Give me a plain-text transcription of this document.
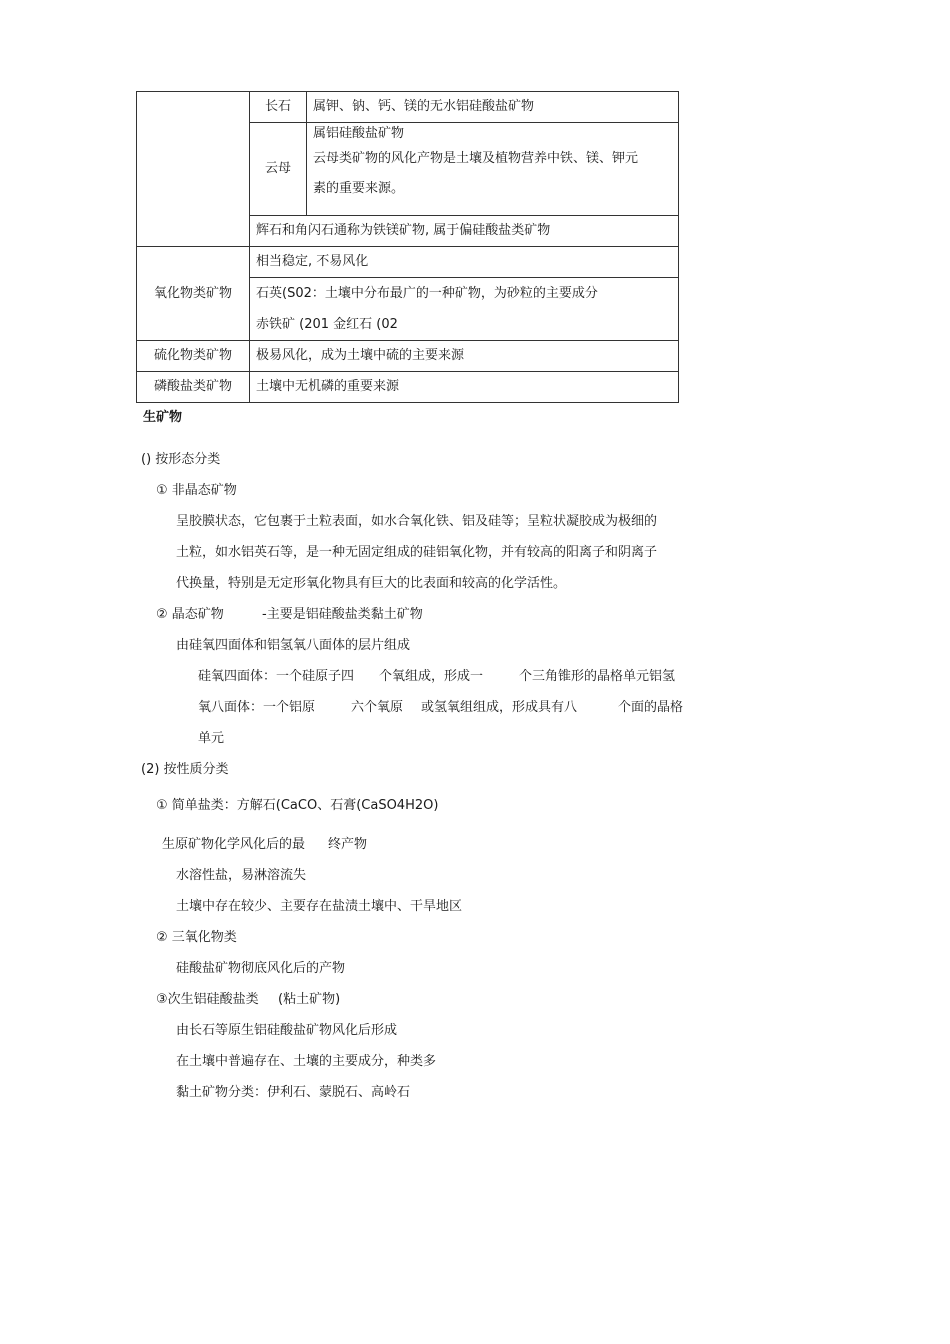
	长石	属钾、钠、钙、镁的无水铝硅酸盐矿物
	云母	属铝硅酸盐矿物
云母类矿物的风化产物是土壤及植物营养中铁、镁、钾元
素的重要来源。

	辉石和角闪石通称为铁镁矿物, 属于偏硅酸盐类矿物	
氧化物类矿物	相当稳定, 不易风化	

	石英(S02：土壤中分布最广的一种矿物，为砂粒的主要成分
赤铁矿 (201 金红石 (02	

硫化物类矿物	极易风化，成为土壤中硫的主要来源	
磷酸盐类矿物	土壤中无机磷的重要来源	
生矿物
() 按形态分类
① 非晶态矿物
呈胶膜状态，它包裹于土粒表面，如水合氧化铁、铝及硅等；呈粒状凝胶成为极细的
土粒，如水铝英石等，是一种无固定组成的硅铝氧化物，并有较高的阳离子和阴离子
代换量，特别是无定形氧化物具有巨大的比表面和较高的化学活性。
② 晶态矿物	-主要是铝硅酸盐类黏土矿物
由硅氧四面体和铝氢氧八面体的层片组成
硅氧四面体：一个硅原子四 个氧组成，形成一	个三角锥形的晶格单元铝氢
氧八面体：一个铝原	六个氧原 或氢氧组组成，形成具有八	个面的晶格
单元
(2) 按性质分类
① 简单盐类：方解石(CaCO、石膏(CaSO4H2O)
生原矿物化学风化后的最 终产物
水溶性盐，易淋溶流失
土壤中存在较少、主要存在盐渍土壤中、干旱地区
② 三氧化物类
硅酸盐矿物彻底风化后的产物
③次生铝硅酸盐类 (粘土矿物)
由长石等原生铝硅酸盐矿物风化后形成
在土壤中普遍存在、土壤的主要成分，种类多
黏土矿物分类：伊利石、蒙脱石、高岭石
